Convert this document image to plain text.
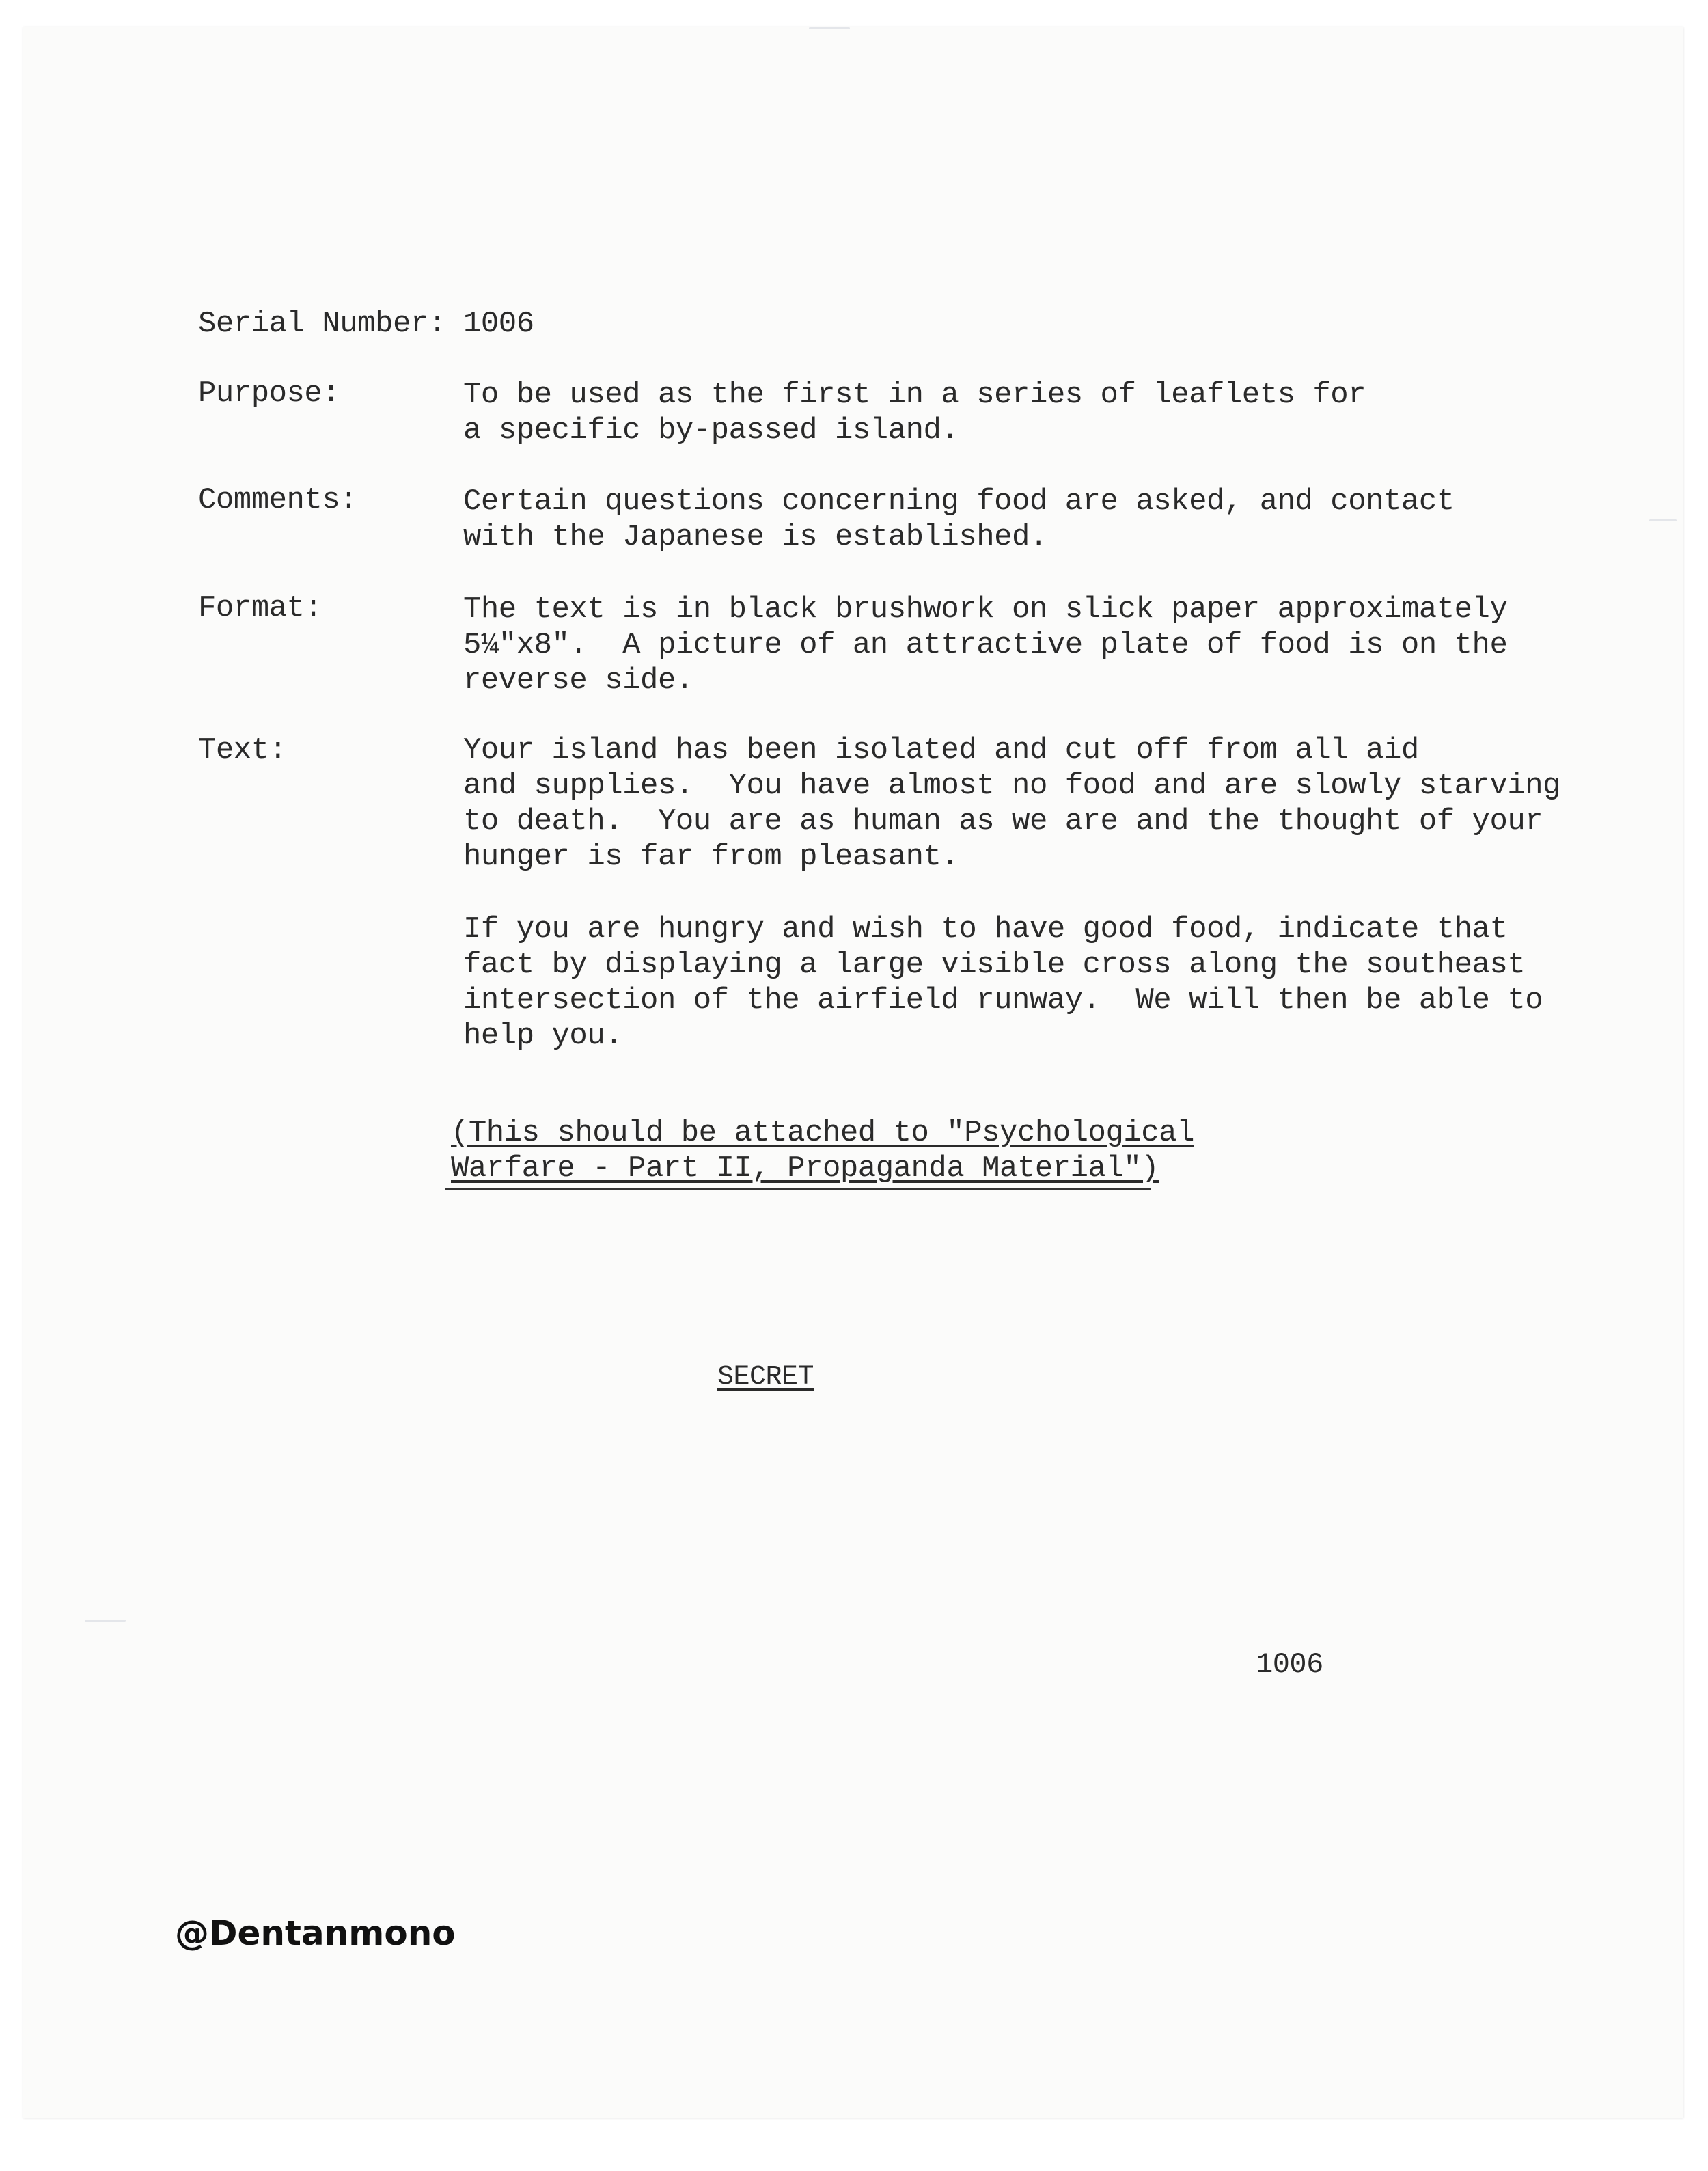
Serial Number: 1006
Purpose:	To be used as the first in a series of leaflets for
a specific by-passed island.
Comments:	Certain questions concerning food are asked, and contact
with the Japanese is established.
Format:	The text is in black brushwork on slick paper approximately
5¼"x8".  A picture of an attractive plate of food is on the
reverse side.
Text:	Your island has been isolated and cut off from all aid
and supplies.  You have almost no food and are slowly starving
to death.  You are as human as we are and the thought of your
hunger is far from pleasant.
If you are hungry and wish to have good food, indicate that
fact by displaying a large visible cross along the southeast
intersection of the airfield runway.  We will then be able to
help you.
(This should be attached to "Psychological
Warfare - Part II, Propaganda Material")
SECRET
1006
@Dentanmono
